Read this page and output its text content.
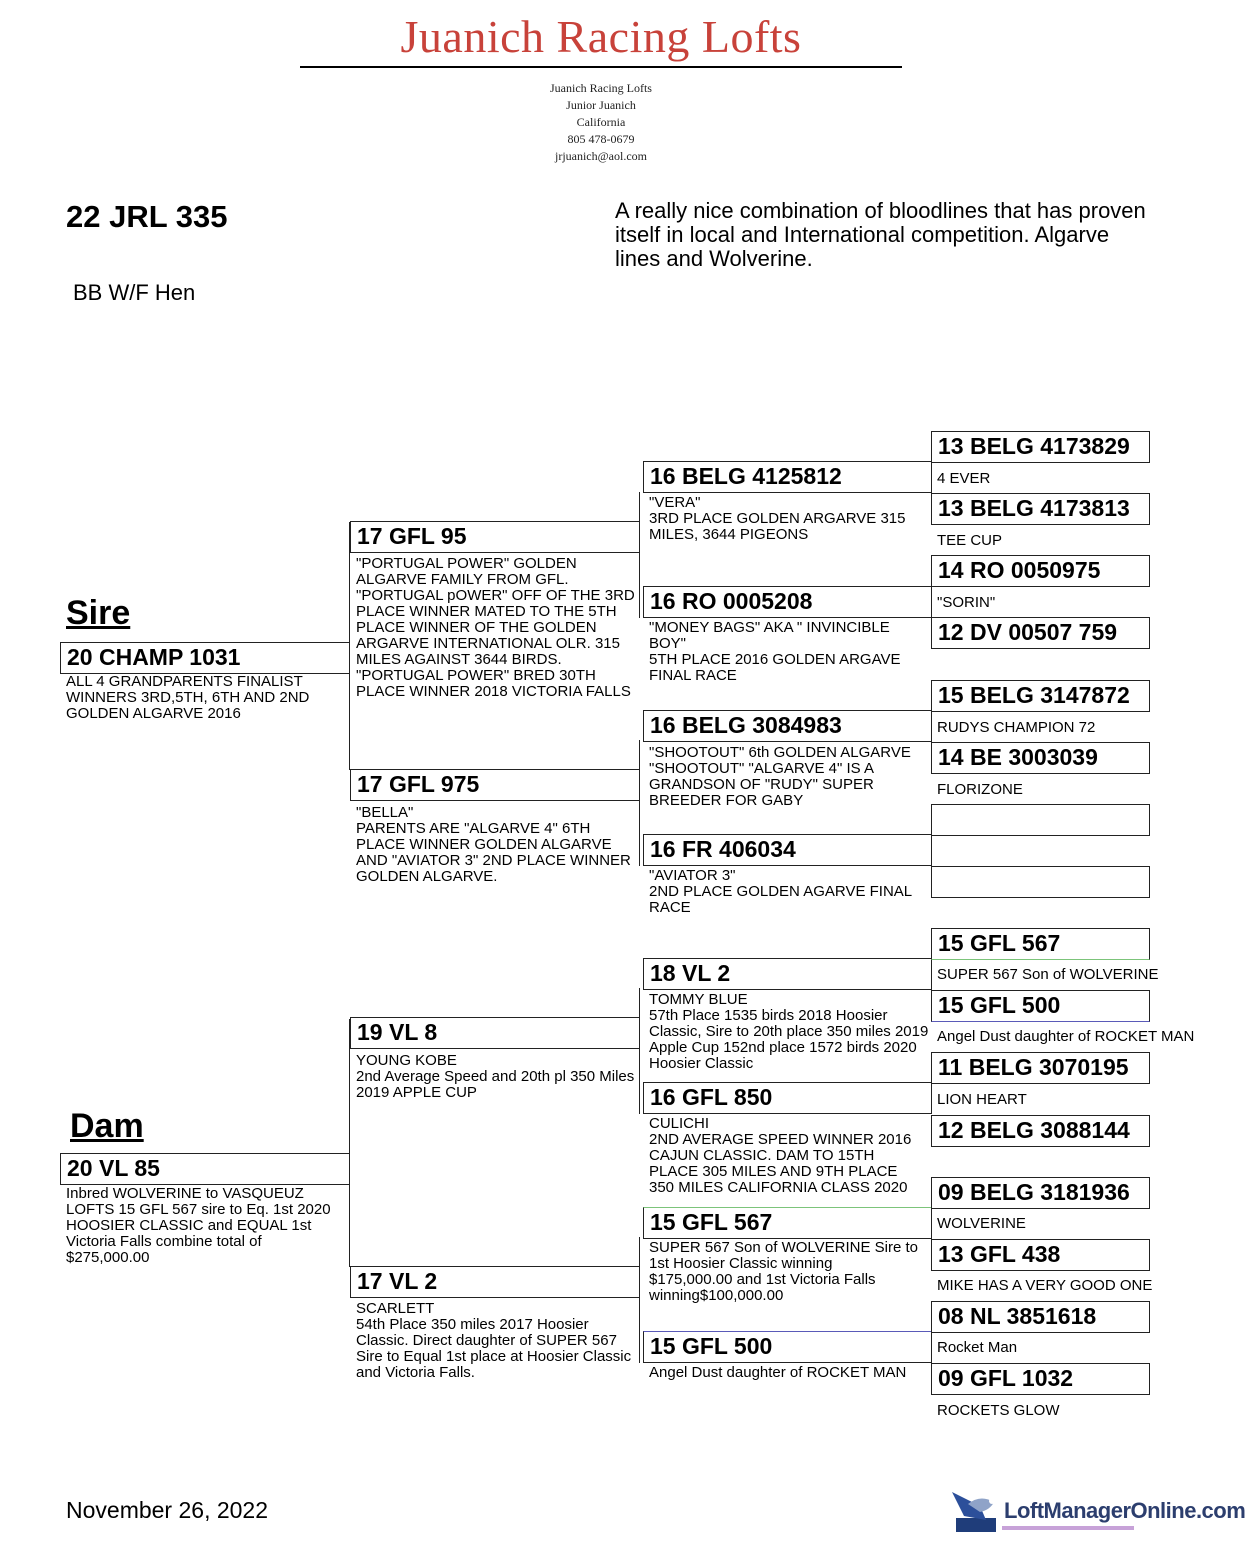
Juanich Racing Lofts
Juanich Racing Lofts
Junior Juanich
California
805 478-0679
jrjuanich@aol.com
22 JRL 335
BB W/F Hen
A really nice combination of bloodlines that has proven itself in local and International competition. Algarve lines and Wolverine.
Sire
20 CHAMP 1031
ALL 4 GRANDPARENTS FINALIST WINNERS 3RD,5TH, 6TH AND 2ND GOLDEN ALGARVE 2016
Dam
20 VL 85
Inbred WOLVERINE to VASQUEUZ LOFTS 15 GFL 567 sire to Eq. 1st 2020 HOOSIER CLASSIC and EQUAL 1st Victoria Falls combine total of $275,000.00
17 GFL 95
"PORTUGAL POWER" GOLDEN ALGARVE FAMILY FROM GFL. "PORTUGAL pOWER" OFF OF THE 3RD PLACE WINNER MATED TO THE 5TH PLACE WINNER OF THE GOLDEN ARGARVE INTERNATIONAL OLR. 315 MILES AGAINST 3644 BIRDS. "PORTUGAL POWER" BRED 30TH PLACE WINNER 2018 VICTORIA FALLS
17 GFL 975
"BELLA"
PARENTS ARE "ALGARVE 4" 6TH PLACE WINNER GOLDEN ALGARVE AND "AVIATOR 3" 2ND PLACE WINNER GOLDEN ALGARVE.
19 VL 8
YOUNG KOBE
2nd Average Speed and 20th pl 350 Miles 2019 APPLE CUP
17 VL 2
SCARLETT
54th Place 350 miles 2017 Hoosier Classic. Direct daughter of SUPER 567 Sire to Equal 1st place at Hoosier Classic and Victoria Falls.
16 BELG 4125812
"VERA"
3RD PLACE GOLDEN ARGARVE 315 MILES, 3644 PIGEONS
16 RO 0005208
"MONEY BAGS" AKA " INVINCIBLE BOY"
5TH PLACE 2016 GOLDEN ARGAVE FINAL RACE
16 BELG 3084983
"SHOOTOUT" 6th GOLDEN ALGARVE
"SHOOTOUT" "ALGARVE 4" IS A GRANDSON OF "RUDY" SUPER BREEDER FOR GABY
16 FR 406034
"AVIATOR 3"
2ND PLACE GOLDEN AGARVE FINAL RACE
18 VL 2
TOMMY BLUE
57th Place 1535 birds 2018 Hoosier Classic, Sire to 20th place 350 miles 2019 Apple Cup 152nd place 1572 birds 2020 Hoosier Classic
16 GFL 850
CULICHI
2ND AVERAGE SPEED WINNER 2016 CAJUN CLASSIC. DAM TO 15TH PLACE 305 MILES AND 9TH PLACE 350 MILES CALIFORNIA CLASS 2020
15 GFL 567
SUPER 567 Son of WOLVERINE Sire to 1st Hoosier Classic winning $175,000.00 and 1st Victoria Falls winning$100,000.00
15 GFL 500
Angel Dust daughter of ROCKET MAN
13 BELG 4173829
4 EVER
13 BELG 4173813
TEE CUP
14 RO 0050975
"SORIN"
12 DV 00507 759
15 BELG 3147872
RUDYS CHAMPION 72
14 BE 3003039
FLORIZONE
15 GFL 567
SUPER 567 Son of WOLVERINE
15 GFL 500
Angel Dust daughter of ROCKET MAN
11 BELG 3070195
LION HEART
12 BELG 3088144
09 BELG 3181936
WOLVERINE
13 GFL 438
MIKE HAS A VERY GOOD ONE
08 NL 3851618
Rocket Man
09 GFL 1032
ROCKETS GLOW
November 26, 2022	LoftManagerOnline.com
